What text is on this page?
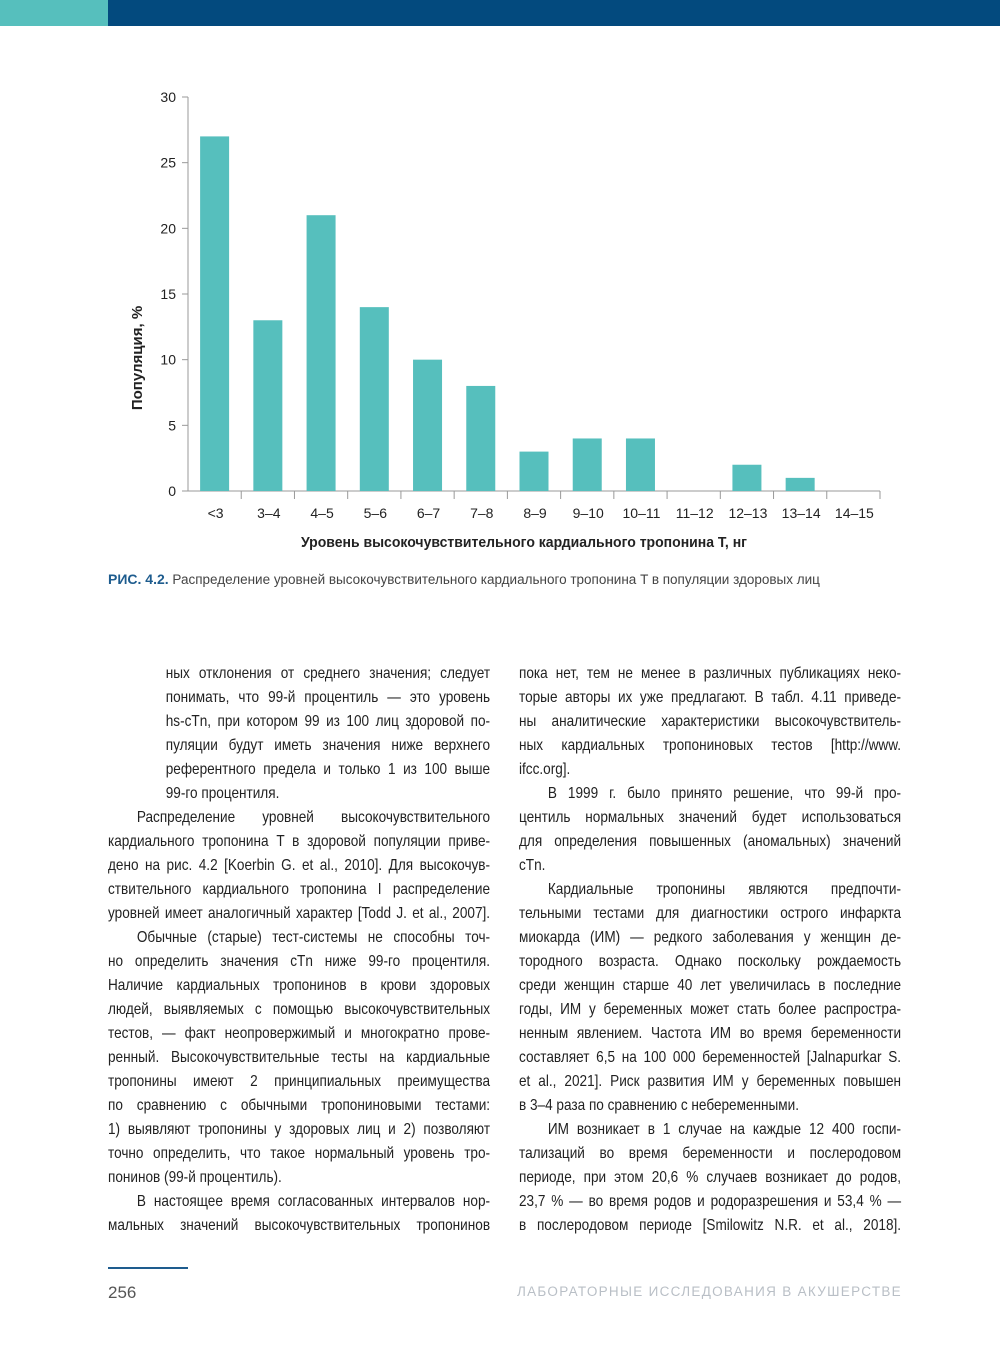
0
5
10
15
20
25
30
<3 3–4 4–5 5–6 6–7 7–8 8–9 9–10 10–11 11–12 12–13 13–14 14–15
Популяция, %
Уровень высокочувствительного кардиального тропонина T, нг
РИС. 4.2. Распределение уровней высокочувствительного кардиального тропонина T в популяции здоровых лиц
ных отклонения от среднего значения; следует
понимать, что 99-й процентиль — это уровень
hs-cTn, при котором 99 из 100 лиц здоровой по-
пуляции будут иметь значения ниже верхнего
референтного предела и только 1 из 100 выше
99-го процентиля.
Распределение уровней высокочувствительного
кардиального тропонина T в здоровой популяции приве-
дено на рис. 4.2 [Koerbin G. et al., 2010]. Для высокочув-
ствительного кардиального тропонина I распределение
уровней имеет аналогичный характер [Todd J. et al., 2007].
Обычные (старые) тест-системы не способны точ-
но определить значения cTn ниже 99-го процентиля.
Наличие кардиальных тропонинов в крови здоровых
людей, выявляемых с помощью высокочувствительных
тестов, — факт неопровержимый и многократно прове-
ренный. Высокочувствительные тесты на кардиальные
тропонины имеют 2 принципиальных преимущества
по сравнению с обычными тропониновыми тестами:
1) выявляют тропонины у здоровых лиц и 2) позволяют
точно определить, что такое нормальный уровень тро-
понинов (99-й процентиль).
В настоящее время согласованных интервалов нор-
мальных значений высокочувствительных тропонинов
пока нет, тем не менее в различных публикациях неко-
торые авторы их уже предлагают. В табл. 4.11 приведе-
ны аналитические характеристики высокочувствитель-
ных кардиальных тропониновых тестов [http://www.
ifcc.org].
В 1999 г. было принято решение, что 99-й про-
центиль нормальных значений будет использоваться
для определения повышенных (аномальных) значений
cTn.
Кардиальные тропонины являются предпочти-
тельными тестами для диагностики острого инфаркта
миокарда (ИМ) — редкого заболевания у женщин де-
тородного возраста. Однако поскольку рождаемость
среди женщин старше 40 лет увеличилась в последние
годы, ИМ у беременных может стать более распростра-
ненным явлением. Частота ИМ во время беременности
составляет 6,5 на 100 000 беременностей [Jalnapurkar S.
et al., 2021]. Риск развития ИМ у беременных повышен
в 3–4 раза по сравнению с небеременными.
ИМ возникает в 1 случае на каждые 12 400 госпи-
тализаций во время беременности и послеродовом
периоде, при этом 20,6 % случаев возникает до родов,
23,7 % — во время родов и родоразрешения и 53,4 % —
в послеродовом периоде [Smilowitz N.R. et al., 2018].
256	ЛАБОРАТОРНЫЕ ИССЛЕДОВАНИЯ В АКУШЕРСТВЕ
